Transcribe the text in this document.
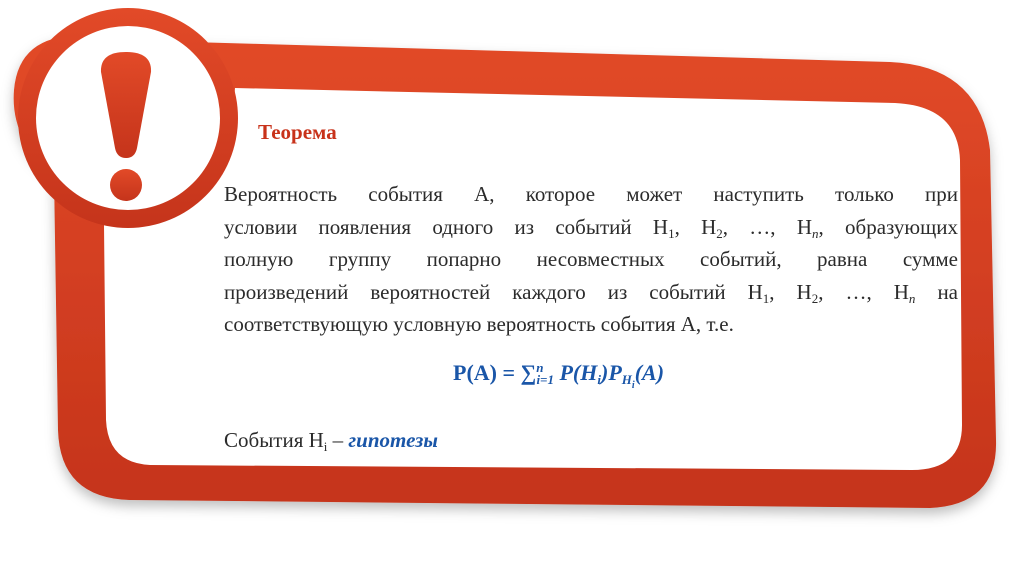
Теорема
Вероятность события А, которое может наступить только при
условии появления одного из событий $Н_1$, $Н_2$, …, $Н_n$, образующих
полную группу попарно несовместных событий, равна сумме
произведений вероятностей каждого из событий $Н_1$, $Н_2$, …, $Н_n$ на
соответствующую условную вероятность события А, т.е.
P(A) = ∑$^n_{i=1}$ $P(H_i)P_{H_i}(A)$
События $Н_i$ – гипотезы
